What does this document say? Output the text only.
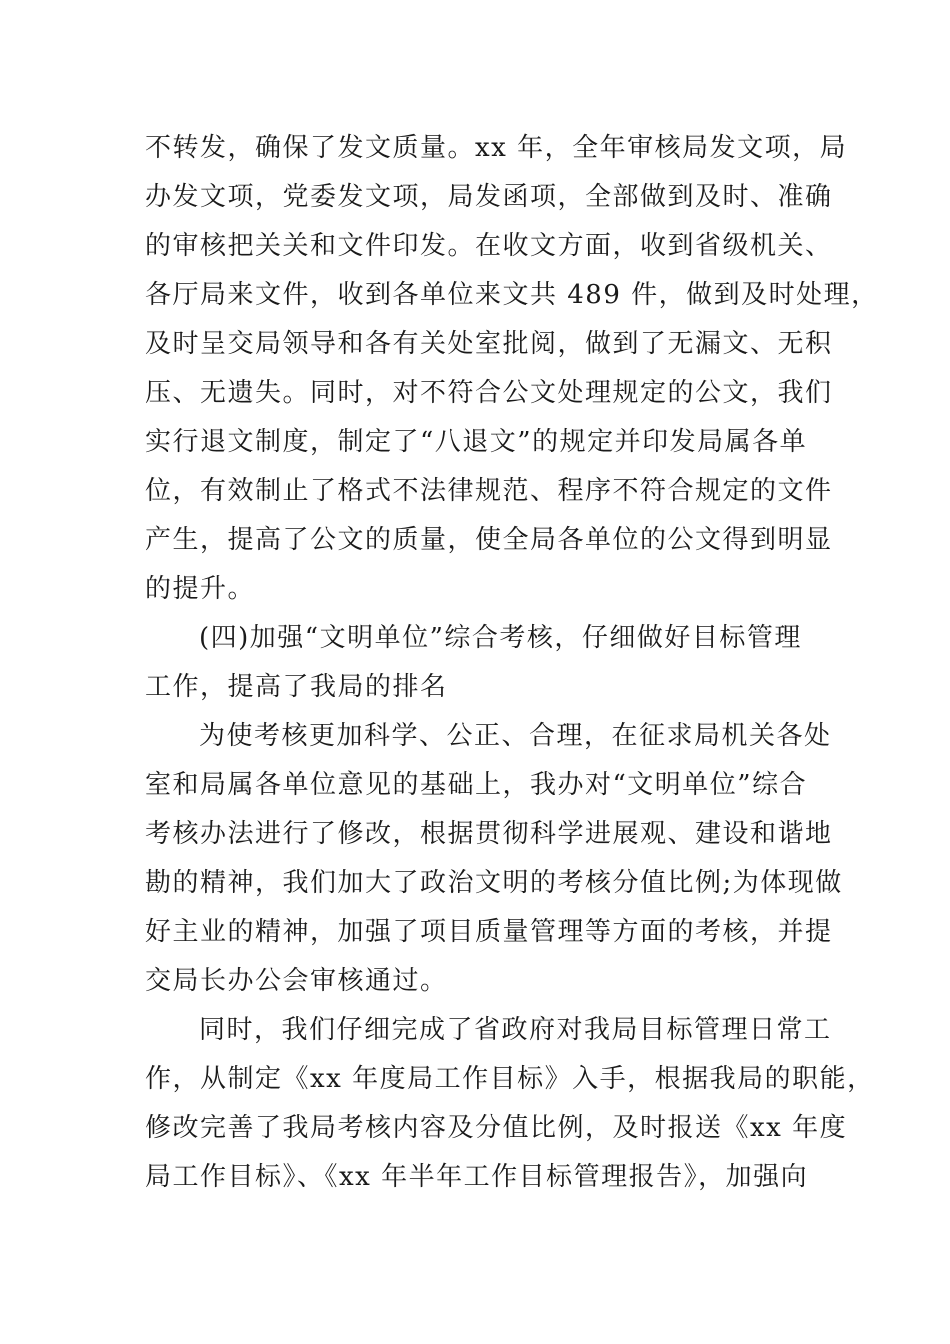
不转发，确保了发文质量。xx 年，全年审核局发文项，局
办发文项，党委发文项，局发函项，全部做到及时、准确
的审核把关关和文件印发。在收文方面，收到省级机关、
各厅局来文件，收到各单位来文共 489 件，做到及时处理，
及时呈交局领导和各有关处室批阅，做到了无漏文、无积
压、无遗失。同时，对不符合公文处理规定的公文，我们
实行退文制度，制定了“八退文”的规定并印发局属各单
位，有效制止了格式不法律规范、程序不符合规定的文件
产生，提高了公文的质量，使全局各单位的公文得到明显
的提升。
(四)加强“文明单位”综合考核，仔细做好目标管理
工作，提高了我局的排名
为使考核更加科学、公正、合理，在征求局机关各处
室和局属各单位意见的基础上，我办对“文明单位”综合
考核办法进行了修改，根据贯彻科学进展观、建设和谐地
勘的精神，我们加大了政治文明的考核分值比例;为体现做
好主业的精神，加强了项目质量管理等方面的考核，并提
交局长办公会审核通过。
同时，我们仔细完成了省政府对我局目标管理日常工
作，从制定《xx 年度局工作目标》入手，根据我局的职能，
修改完善了我局考核内容及分值比例，及时报送《xx 年度
局工作目标》、《xx 年半年工作目标管理报告》，加强向
